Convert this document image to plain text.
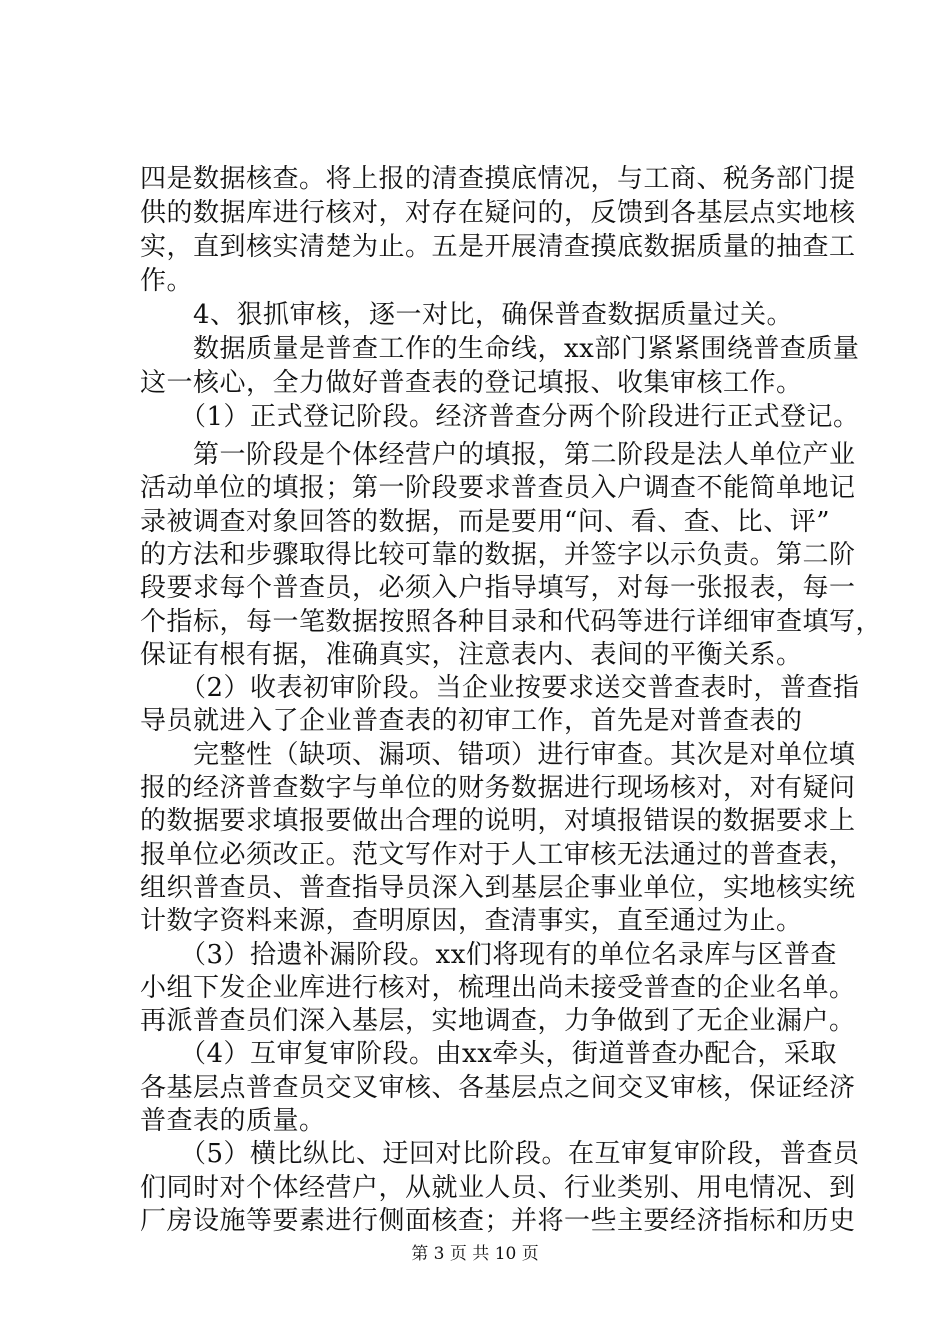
四是数据核查。将上报的清查摸底情况，与工商、税务部门提
供的数据库进行核对，对存在疑问的，反馈到各基层点实地核
实，直到核实清楚为止。五是开展清查摸底数据质量的抽查工
作。
　　4、狠抓审核，逐一对比，确保普查数据质量过关。
　　数据质量是普查工作的生命线，xx部门紧紧围绕普查质量
这一核心，全力做好普查表的登记填报、收集审核工作。
　　（1）正式登记阶段。经济普查分两个阶段进行正式登记。
　　第一阶段是个体经营户的填报，第二阶段是法人单位产业
活动单位的填报；第一阶段要求普查员入户调查不能简单地记
录被调查对象回答的数据，而是要用“问、看、查、比、评”
的方法和步骤取得比较可靠的数据，并签字以示负责。第二阶
段要求每个普查员，必须入户指导填写，对每一张报表，每一
个指标，每一笔数据按照各种目录和代码等进行详细审查填写，
保证有根有据，准确真实，注意表内、表间的平衡关系。
　　（2）收表初审阶段。当企业按要求送交普查表时，普查指
导员就进入了企业普查表的初审工作，首先是对普查表的
　　完整性（缺项、漏项、错项）进行审查。其次是对单位填
报的经济普查数字与单位的财务数据进行现场核对，对有疑问
的数据要求填报要做出合理的说明，对填报错误的数据要求上
报单位必须改正。范文写作对于人工审核无法通过的普查表，
组织普查员、普查指导员深入到基层企事业单位，实地核实统
计数字资料来源，查明原因，查清事实，直至通过为止。
　　（3）拾遗补漏阶段。xx们将现有的单位名录库与区普查
小组下发企业库进行核对，梳理出尚未接受普查的企业名单。
再派普查员们深入基层，实地调查，力争做到了无企业漏户。
　　（4）互审复审阶段。由xx牵头，街道普查办配合，采取
各基层点普查员交叉审核、各基层点之间交叉审核，保证经济
普查表的质量。
　　（5）横比纵比、迂回对比阶段。在互审复审阶段，普查员
们同时对个体经营户，从就业人员、行业类别、用电情况、到
厂房设施等要素进行侧面核查；并将一些主要经济指标和历史
第 3 页 共 10 页
